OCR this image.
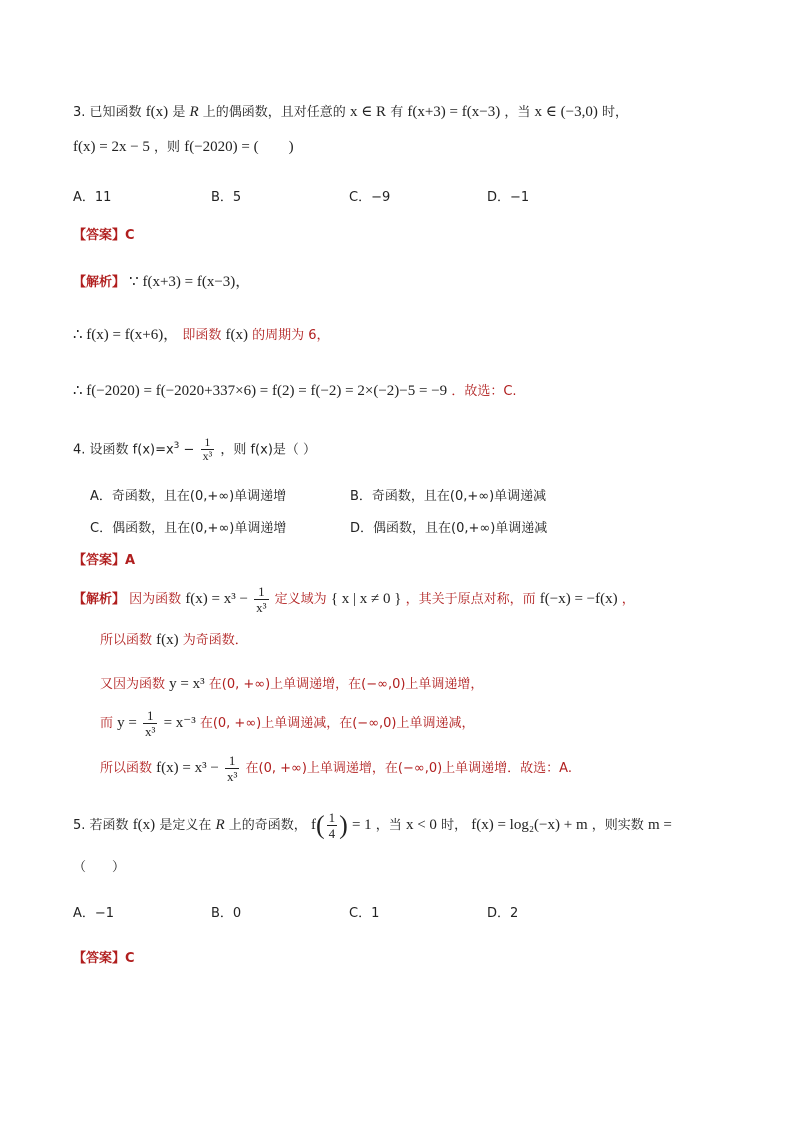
3. 已知函数 f(x) 是 R 上的偶函数，且对任意的 x ∈ R 有 f(x+3) = f(x−3) ，当 x ∈ (−3,0) 时，
f(x) = 2x − 5 ，则 f(−2020) = (　　)
A．11	B．5	C．−9	D．−1
【答案】C
【解析】 ∵ f(x+3) = f(x−3)，
∴ f(x) = f(x+6)， 即函数 f(x) 的周期为 6，
∴ f(−2020) = f(−2020+337×6) = f(2) = f(−2) = 2×(−2)−5 = −9 ．故选：C.
4. 设函数 $f(x)=x^3 - \frac{1}{\text{x³}}$ ，则 f(x)是（ ）
A．奇函数，且在(0,+∞)单调递增	B．奇函数，且在(0,+∞)单调递减
C．偶函数，且在(0,+∞)单调递增	D．偶函数，且在(0,+∞)单调递减
【答案】A
【解析】 因为函数 $f(x) = x^3 - \frac{1}{\text{x³}}$ 定义域为 { x | x ≠ 0 } ，其关于原点对称，而 f(−x) = −f(x) ，
所以函数 f(x) 为奇函数．
又因为函数 y = x³ 在(0, +∞)上单调递增，在(−∞,0)上单调递增，
而 $y = \frac{1}{\text{x³}} = x^{-3}$ 在(0, +∞)上单调递减，在(−∞,0)上单调递减，
所以函数 $f(x) = x^3 - \frac{1}{\text{x³}}$ 在(0, +∞)上单调递增，在(−∞,0)上单调递增．故选：A.
5. 若函数 f(x) 是定义在 R 上的奇函数， $f( \frac{1}{4}$ ) = 1 ，当 x < 0 时， f(x) = log₂(−x) + m ，则实数 m =
（　　）
A．−1	B．0	C．1	D．2
【答案】C
